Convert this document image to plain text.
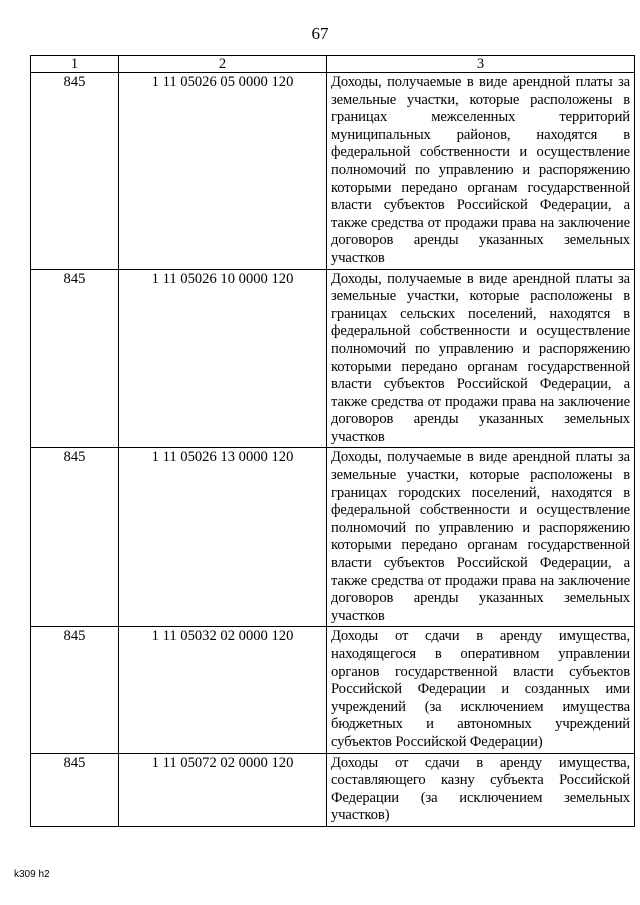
67
1	2	3
845	1 11 05026 05 0000 120	Доходы, получаемые в виде арендной платы за земельные участки, которые расположены в границах межселенных территорий муниципальных районов, находятся в федеральной собственности и осуществление полномочий по управлению и распоряжению которыми передано органам государственной власти субъектов Российской Федерации, а также средства от продажи права на заключение договоров аренды указанных земельных участков
845	1 11 05026 10 0000 120	Доходы, получаемые в виде арендной платы за земельные участки, которые расположены в границах сельских поселений, находятся в федеральной собственности и осуществление полномочий по управлению и распоряжению которыми передано органам государственной власти субъектов Российской Федерации, а также средства от продажи права на заключение договоров аренды указанных земельных участков
845	1 11 05026 13 0000 120	Доходы, получаемые в виде арендной платы за земельные участки, которые расположены в границах городских поселений, находятся в федеральной собственности и осуществление полномочий по управлению и распоряжению которыми передано органам государственной власти субъектов Российской Федерации, а также средства от продажи права на заключение договоров аренды указанных земельных участков
845	1 11 05032 02 0000 120	Доходы от сдачи в аренду имущества, находящегося в оперативном управлении органов государственной власти субъектов Российской Федерации и созданных ими учреждений (за исключением имущества бюджетных и автономных учреждений субъектов Российской Федерации)
845	1 11 05072 02 0000 120	Доходы от сдачи в аренду имущества, составляющего казну субъекта Российской Федерации (за исключением земельных участков)
k309 h2
